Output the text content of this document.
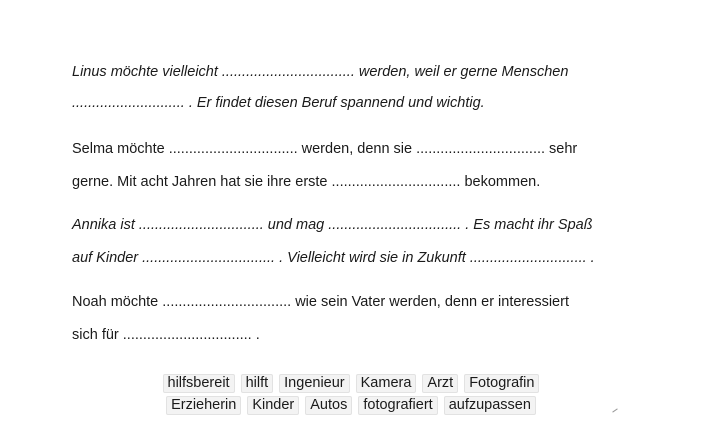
Linus möchte vielleicht ................................. werden, weil er gerne Menschen
............................ . Er findet diesen Beruf spannend und wichtig.
Selma möchte ................................ werden, denn sie ................................ sehr
gerne. Mit acht Jahren hat sie ihre erste ................................ bekommen.
Annika ist ............................... und mag ................................. . Es macht ihr Spaß
auf Kinder ................................. . Vielleicht wird sie in Zukunft ............................. .
Noah möchte ................................ wie sein Vater werden, denn er interessiert
sich für ................................ .
hilfsbereit hilft Ingenieur Kamera Arzt Fotografin
Erzieherin Kinder Autos fotografiert aufzupassen
